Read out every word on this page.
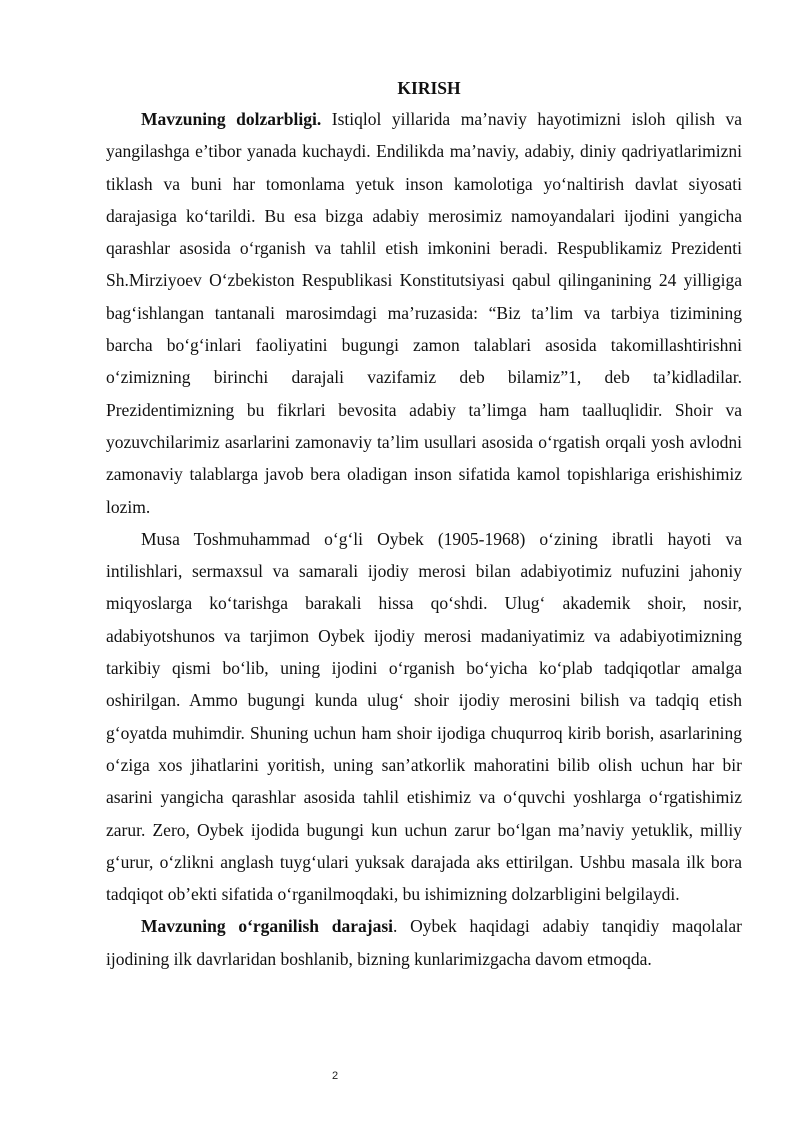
KIRISH

Mavzuning dolzarbligi. Istiqlol yillarida ma’naviy hayotimizni isloh qilish va yangilashga e’tibor yanada kuchaydi. Endilikda ma’naviy, adabiy, diniy qadriyatlarimizni tiklash va buni har tomonlama yetuk inson kamolotiga yo‘naltirish davlat siyosati darajasiga ko‘tarildi. Bu esa bizga adabiy merosimiz namoyandalari ijodini yangicha qarashlar asosida o‘rganish va tahlil etish imkonini beradi. Respublikamiz Prezidenti Sh.Mirziyoev O‘zbekiston Respublikasi Konstitutsiyasi qabul qilinganining 24 yilligiga bag‘ishlangan tantanali marosimdagi ma’ruzasida: “Biz ta’lim va tarbiya tizimining barcha bo‘g‘inlari faoliyatini bugungi zamon talablari asosida takomillashtirishni o‘zimizning birinchi darajali vazifamiz deb bilamiz”1, deb ta’kidladilar. Prezidentimizning bu fikrlari bevosita adabiy ta’limga ham taalluqlidir. Shoir va yozuvchilarimiz asarlarini zamonaviy ta’lim usullari asosida o‘rgatish orqali yosh avlodni zamonaviy talablarga javob bera oladigan inson sifatida kamol topishlariga erishishimiz lozim.

Musa Toshmuhammad o‘g‘li Oybek (1905-1968) o‘zining ibratli hayoti va intilishlari, sermaxsul va samarali ijodiy merosi bilan adabiyotimiz nufuzini jahoniy miqyoslarga ko‘tarishga barakali hissa qo‘shdi. Ulug‘ akademik shoir, nosir, adabiyotshunos va tarjimon Oybek ijodiy merosi madaniyatimiz va adabiyotimizning tarkibiy qismi bo‘lib, uning ijodini o‘rganish bo‘yicha ko‘plab tadqiqotlar amalga oshirilgan. Ammo bugungi kunda ulug‘ shoir ijodiy merosini bilish va tadqiq etish g‘oyatda muhimdir. Shuning uchun ham shoir ijodiga chuqurroq kirib borish, asarlarining o‘ziga xos jihatlarini yoritish, uning san’atkorlik mahoratini bilib olish uchun har bir asarini yangicha qarashlar asosida tahlil etishimiz va o‘quvchi yoshlarga o‘rgatishimiz zarur. Zero, Oybek ijodida bugungi kun uchun zarur bo‘lgan ma’naviy yetuklik, milliy g‘urur, o‘zlikni anglash tuyg‘ulari yuksak darajada aks ettirilgan. Ushbu masala ilk bora tadqiqot ob’ekti sifatida o‘rganilmoqdaki, bu ishimizning dolzarbligini belgilaydi.

Mavzuning o‘rganilish darajasi. Oybek haqidagi adabiy tanqidiy maqolalar ijodining ilk davrlaridan boshlanib, bizning kunlarimizgacha davom etmoqda.

2
